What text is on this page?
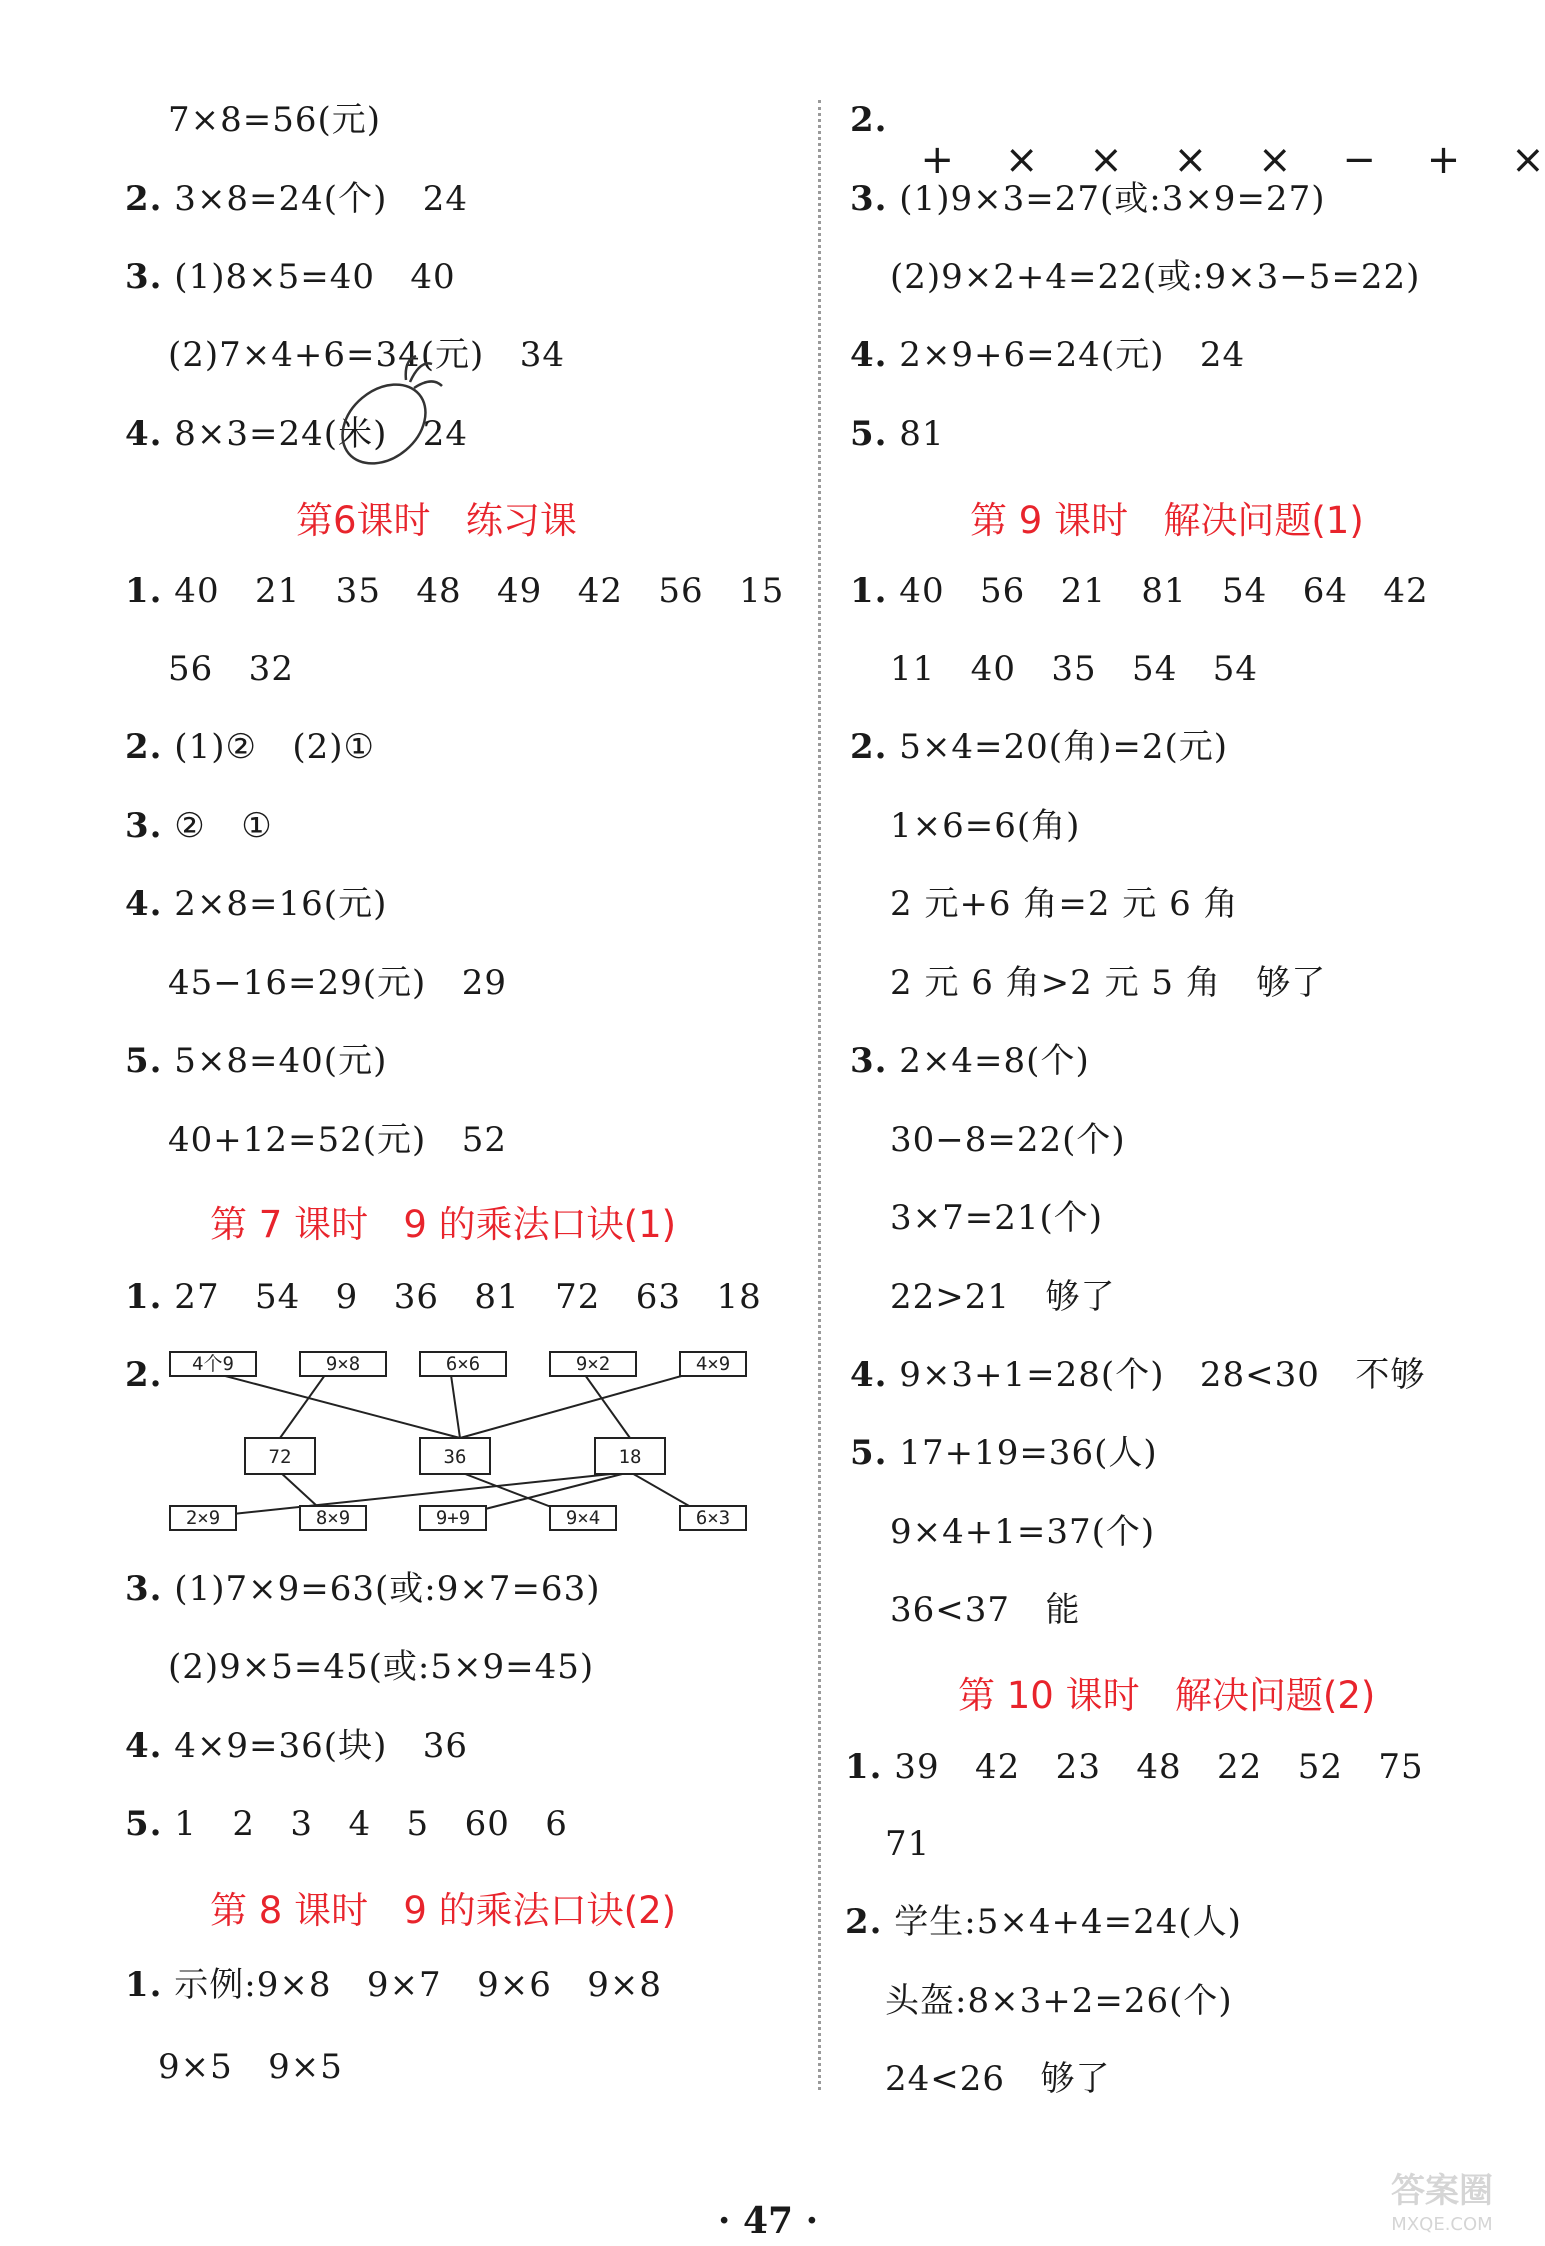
7×8=56(元)
2. 3×8=24(个)   24
3. (1)8×5=40   40
(2)7×4+6=34(元)   34
4. 8×3=24(米)   24
第6课时   练习课
1. 40   21   35   48   49   42   56   15
56   32
2. (1)②   (2)①
3. ②   ①
4. 2×8=16(元)
45−16=29(元)   29
5. 5×8=40(元)
40+12=52(元)   52
第 7 课时   9 的乘法口诀(1)
1. 27   54   9   36   81   72   63   18
2. 4个9	9×8	6×6	9×2	4×9
72	36	18
2×9	8×9	9+9	9×4	6×3
3. (1)7×9=63(或:9×7=63)
(2)9×5=45(或:5×9=45)
4. 4×9=36(块)   36
5. 1   2   3   4   5   60   6
第 8 课时   9 的乘法口诀(2)
1. 示例:9×8   9×7   9×6   9×8
9×5   9×5
2.

+ × × × × − + ×

3. (1)9×3=27(或:3×9=27)
(2)9×2+4=22(或:9×3−5=22)
4. 2×9+6=24(元)   24
5. 81
第 9 课时   解决问题(1)
1. 40   56   21   81   54   64   42
11   40   35   54   54
2. 5×4=20(角)=2(元)
1×6=6(角)
2 元+6 角=2 元 6 角
2 元 6 角>2 元 5 角   够了
3. 2×4=8(个)
30−8=22(个)
3×7=21(个)
22>21   够了
4. 9×3+1=28(个)   28<30   不够
5. 17+19=36(人)
9×4+1=37(个)
36<37   能
第 10 课时   解决问题(2)
1. 39   42   23   48   22   52   75
71
2. 学生:5×4+4=24(人)
头盔:8×3+2=26(个)
24<26   够了
· 47 ·
答案圈
MXQE.COM
